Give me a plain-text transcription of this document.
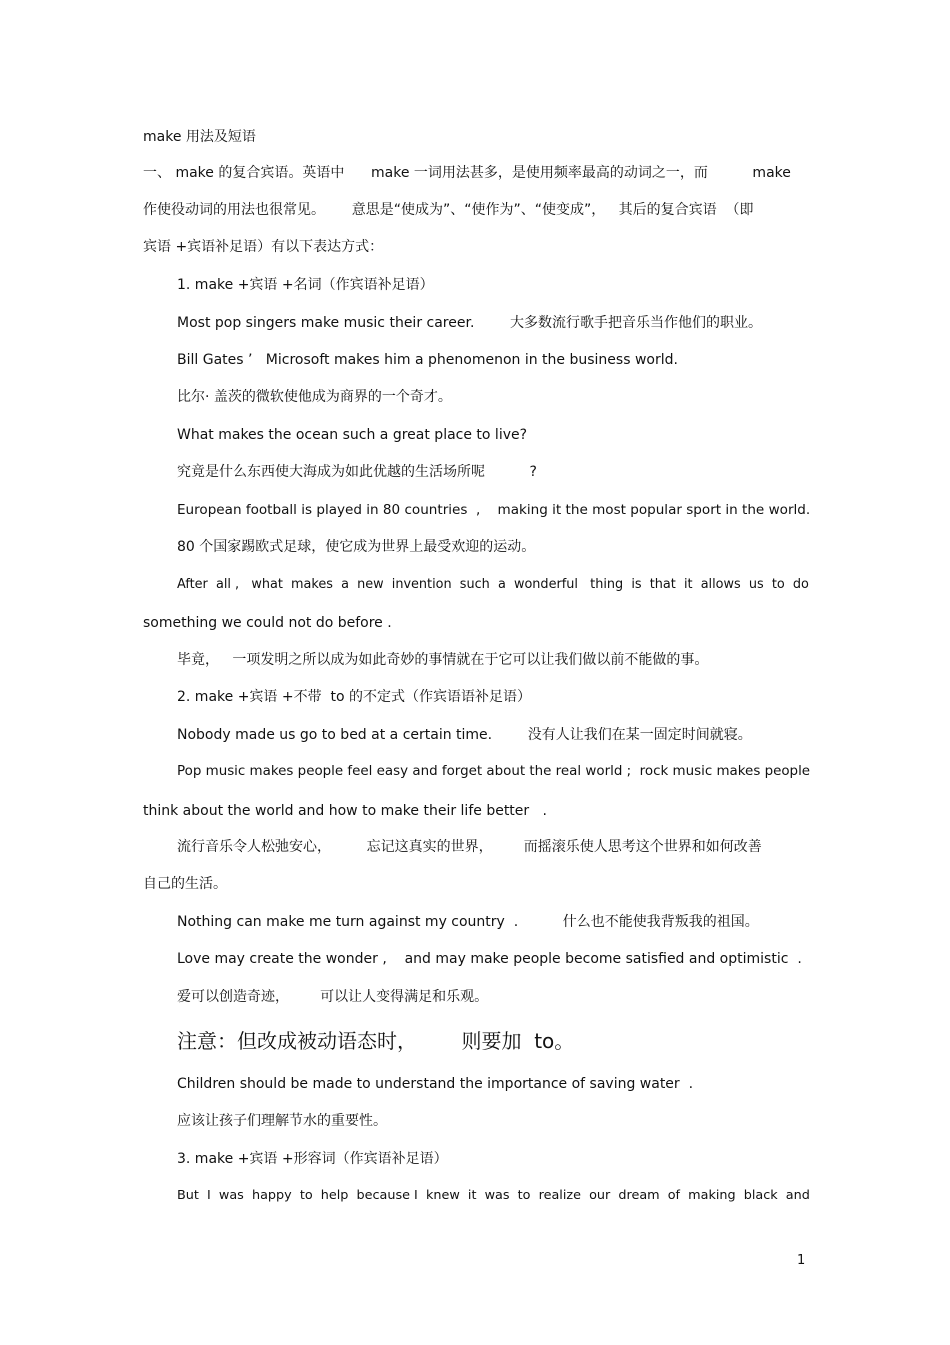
make 用法及短语
一、 make 的复合宾语。英语中      make 一词用法甚多，是使用频率最高的动词之一，而          make
作使役动词的用法也很常见。      意思是“使成为”、“使作为”、“使变成”，   其后的复合宾语  （即
宾语 +宾语补足语）有以下表达方式：
1. make +宾语 +名词（作宾语补足语）
Most pop singers make music their career.        大多数流行歌手把音乐当作他们的职业。
Bill Gates ’   Microsoft makes him a phenomenon in the business world.
比尔· 盖茨的微软使他成为商界的一个奇才。
What makes the ocean such a great place to live?
究竟是什么东西使大海成为如此优越的生活场所呢          ?
European football is played in 80 countries  ,    making it the most popular sport in the world.
80 个国家踢欧式足球，使它成为世界上最受欢迎的运动。
After  all ,   what  makes  a  new  invention  such  a  wonderful   thing  is  that  it  allows  us  to  do
something we could not do before .
毕竟，   一项发明之所以成为如此奇妙的事情就在于它可以让我们做以前不能做的事。
2. make +宾语 +不带  to 的不定式（作宾语语补足语）
Nobody made us go to bed at a certain time.        没有人让我们在某一固定时间就寝。
Pop music makes people feel easy and forget about the real world ;  rock music makes people
think about the world and how to make their life better   .
流行音乐令人松弛安心，        忘记这真实的世界，       而摇滚乐使人思考这个世界和如何改善
自己的生活。
Nothing can make me turn against my country  .          什么也不能使我背叛我的祖国。
Love may create the wonder ,    and may make people become satisfied and optimistic  .
爱可以创造奇迹，       可以让人变得满足和乐观。
注意：但改成被动语态时，       则要加  to。
Children should be made to understand the importance of saving water  .
应该让孩子们理解节水的重要性。
3. make +宾语 +形容词（作宾语补足语）
But  I  was  happy  to  help  because I  knew  it  was  to  realize  our  dream  of  making  black  and
1
